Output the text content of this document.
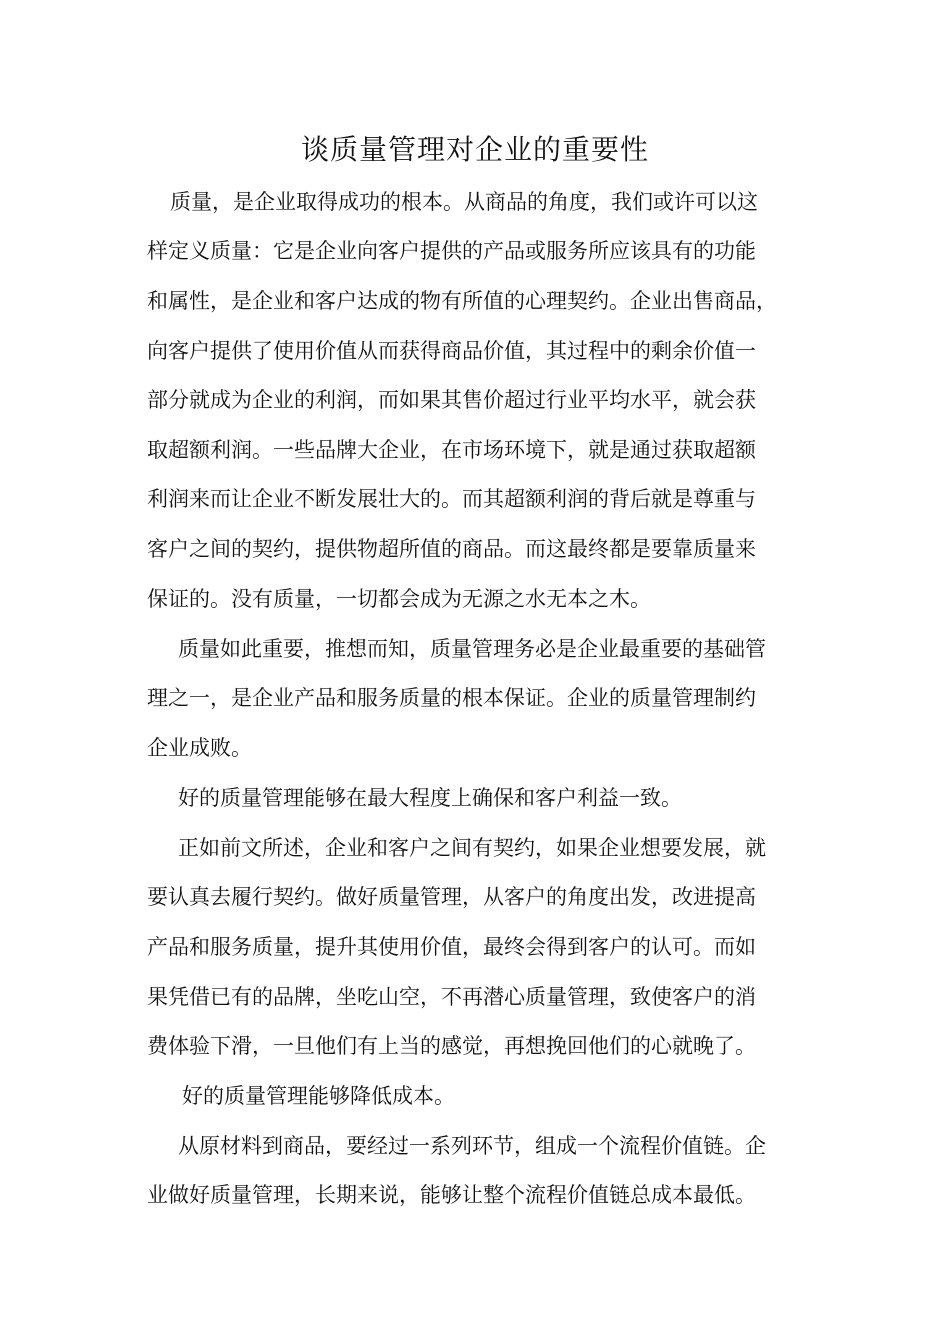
谈质量管理对企业的重要性

质量，是企业取得成功的根本。从商品的角度，我们或许可以这

样定义质量：它是企业向客户提供的产品或服务所应该具有的功能

和属性，是企业和客户达成的物有所值的心理契约。企业出售商品，

向客户提供了使用价值从而获得商品价值，其过程中的剩余价值一

部分就成为企业的利润，而如果其售价超过行业平均水平，就会获

取超额利润。一些品牌大企业，在市场环境下，就是通过获取超额

利润来而让企业不断发展壮大的。而其超额利润的背后就是尊重与

客户之间的契约，提供物超所值的商品。而这最终都是要靠质量来

保证的。没有质量，一切都会成为无源之水无本之木。

质量如此重要，推想而知，质量管理务必是企业最重要的基础管

理之一，是企业产品和服务质量的根本保证。企业的质量管理制约

企业成败。

好的质量管理能够在最大程度上确保和客户利益一致。

正如前文所述，企业和客户之间有契约，如果企业想要发展，就

要认真去履行契约。做好质量管理，从客户的角度出发，改进提高

产品和服务质量，提升其使用价值，最终会得到客户的认可。而如

果凭借已有的品牌，坐吃山空，不再潜心质量管理，致使客户的消

费体验下滑，一旦他们有上当的感觉，再想挽回他们的心就晚了。

好的质量管理能够降低成本。

从原材料到商品，要经过一系列环节，组成一个流程价值链。企

业做好质量管理，长期来说，能够让整个流程价值链总成本最低。
